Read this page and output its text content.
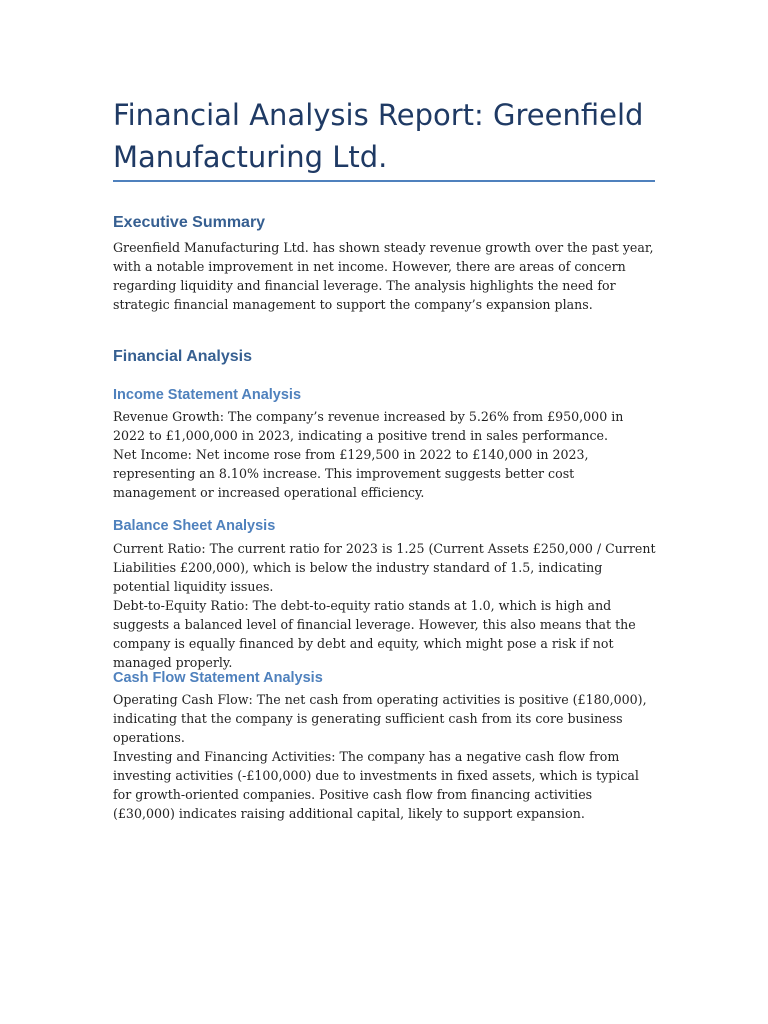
Financial Analysis Report: Greenfield Manufacturing Ltd.
Executive Summary

Greenfield Manufacturing Ltd. has shown steady revenue growth over the past year, with a notable improvement in net income. However, there are areas of concern regarding liquidity and financial leverage. The analysis highlights the need for strategic financial management to support the company’s expansion plans.

Financial Analysis
Income Statement Analysis

Revenue Growth: The company’s revenue increased by 5.26% from £950,000 in 2022 to £1,000,000 in 2023, indicating a positive trend in sales performance.

Net Income: Net income rose from £129,500 in 2022 to £140,000 in 2023, representing an 8.10% increase. This improvement suggests better cost management or increased operational efficiency.

Balance Sheet Analysis

Current Ratio: The current ratio for 2023 is 1.25 (Current Assets £250,000 / Current Liabilities £200,000), which is below the industry standard of 1.5, indicating potential liquidity issues.

Debt-to-Equity Ratio: The debt-to-equity ratio stands at 1.0, which is high and suggests a balanced level of financial leverage. However, this also means that the company is equally financed by debt and equity, which might pose a risk if not managed properly.

Cash Flow Statement Analysis

Operating Cash Flow: The net cash from operating activities is positive (£180,000), indicating that the company is generating sufficient cash from its core business operations.

Investing and Financing Activities: The company has a negative cash flow from investing activities (-£100,000) due to investments in fixed assets, which is typical for growth-oriented companies. Positive cash flow from financing activities (£30,000) indicates raising additional capital, likely to support expansion.
